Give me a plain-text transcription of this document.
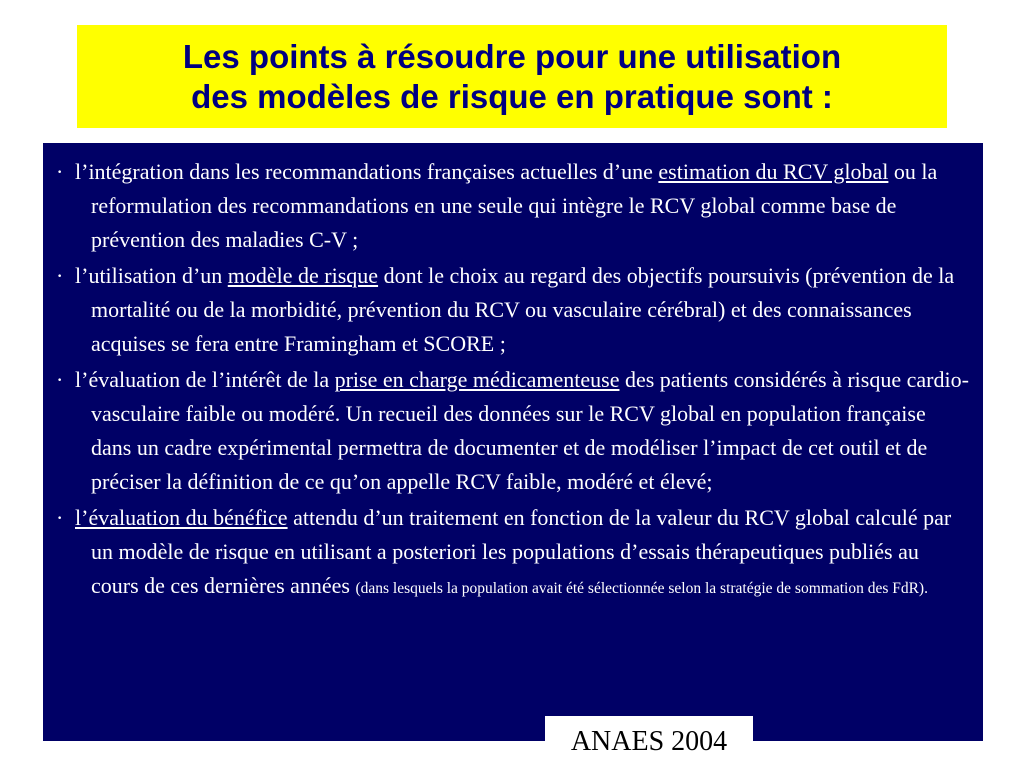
Les points à résoudre pour une utilisation
des modèles de risque en pratique sont :

· l’intégration dans les recommandations françaises actuelles d’une estimation du RCV global ou la reformulation des recommandations en une seule qui intègre le RCV global comme base de prévention des maladies C-V ;

· l’utilisation d’un modèle de risque dont le choix au regard des objectifs poursuivis (prévention de la mortalité ou de la morbidité, prévention du RCV ou vasculaire cérébral) et des connaissances acquises se fera entre Framingham et SCORE ;

· l’évaluation de l’intérêt de la prise en charge médicamenteuse des patients considérés à risque cardio-vasculaire faible ou modéré. Un recueil des données sur le RCV global en population française dans un cadre expérimental permettra de documenter et de modéliser l’impact de cet outil et de préciser la définition de ce qu’on appelle RCV faible, modéré et élevé;

· l’évaluation du bénéfice attendu d’un traitement en fonction de la valeur du RCV global calculé par un modèle de risque en utilisant a posteriori les populations d’essais thérapeutiques publiés au cours de ces dernières années (dans lesquels la population avait été sélectionnée selon la stratégie de sommation des FdR).

ANAES 2004
